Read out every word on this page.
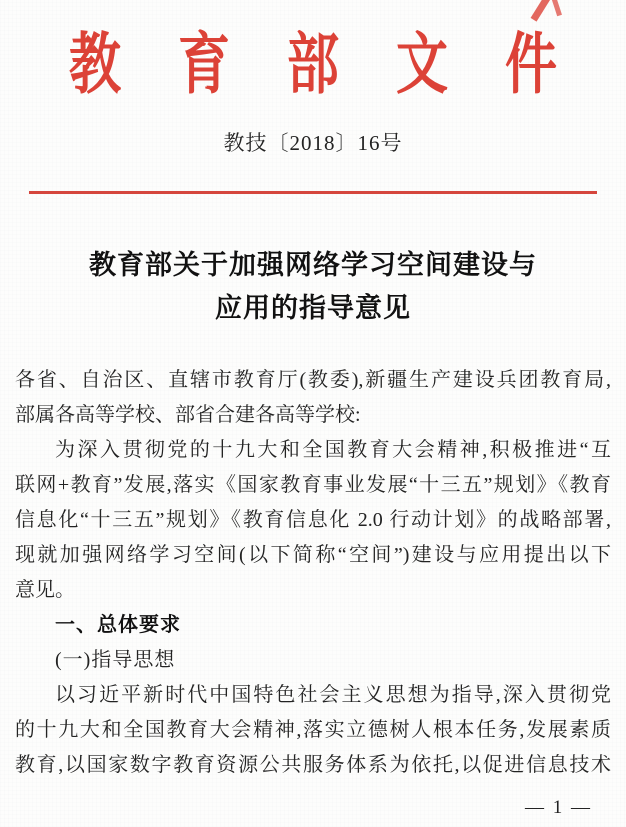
教育部文件
教技〔2018〕16号
教育部关于加强网络学习空间建设与
应用的指导意见
各省、自治区、直辖市教育厅(教委),新疆生产建设兵团教育局,
部属各高等学校、部省合建各高等学校:
为深入贯彻党的十九大和全国教育大会精神,积极推进“互
联网+教育”发展,落实《国家教育事业发展“十三五”规划》《教育
信息化“十三五”规划》《教育信息化 2.0 行动计划》的战略部署,
现就加强网络学习空间(以下简称“空间”)建设与应用提出以下
意见。
一、总体要求
(一)指导思想
以习近平新时代中国特色社会主义思想为指导,深入贯彻党
的十九大和全国教育大会精神,落实立德树人根本任务,发展素质
教育,以国家数字教育资源公共服务体系为依托,以促进信息技术
— 1 —
